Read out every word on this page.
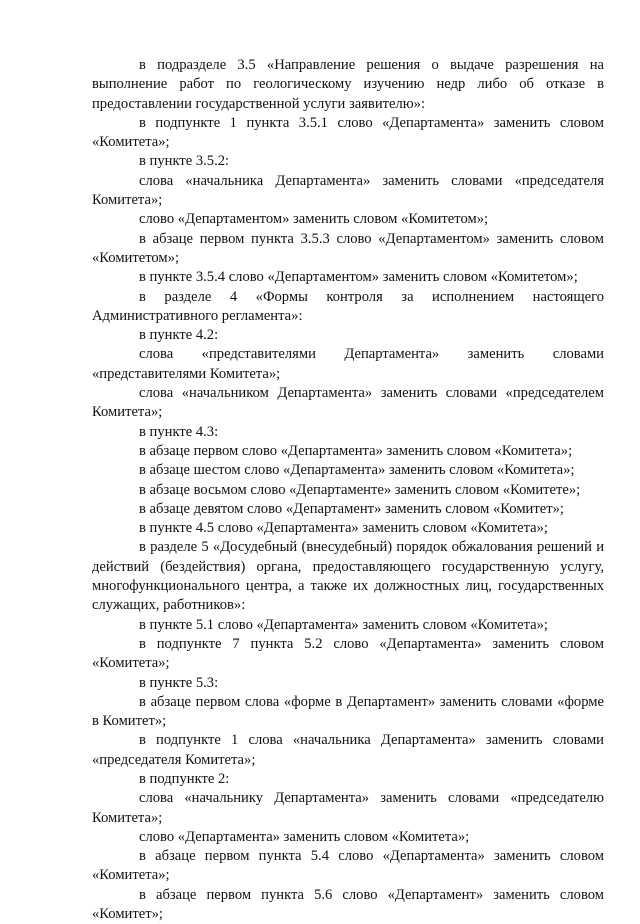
в подразделе 3.5 «Направление решения о выдаче разрешения на выполнение работ по геологическому изучению недр либо об отказе в предоставлении государственной услуги заявителю»:

в подпункте 1 пункта 3.5.1 слово «Департамента» заменить словом «Комитета»;

в пункте 3.5.2:

слова «начальника Департамента» заменить словами «председателя Комитета»;

слово «Департаментом» заменить словом «Комитетом»;

в абзаце первом пункта 3.5.3 слово «Департаментом» заменить словом «Комитетом»;

в пункте 3.5.4 слово «Департаментом» заменить словом «Комитетом»;

в разделе 4 «Формы контроля за исполнением настоящего Административного регламента»:

в пункте 4.2:

слова «представителями Департамента» заменить словами «представителями Комитета»;

слова «начальником Департамента» заменить словами «председателем Комитета»;

в пункте 4.3:

в абзаце первом слово «Департамента» заменить словом «Комитета»;

в абзаце шестом слово «Департамента» заменить словом «Комитета»;

в абзаце восьмом слово «Департаменте» заменить словом «Комитете»;

в абзаце девятом слово «Департамент» заменить словом «Комитет»;

в пункте 4.5 слово «Департамента» заменить словом «Комитета»;

в разделе 5 «Досудебный (внесудебный) порядок обжалования решений и действий (бездействия) органа, предоставляющего государственную услугу, многофункционального центра, а также их должностных лиц, государственных служащих, работников»:

в пункте 5.1 слово «Департамента» заменить словом «Комитета»;

в подпункте 7 пункта 5.2 слово «Департамента» заменить словом «Комитета»;

в пункте 5.3:

в абзаце первом слова «форме в Департамент» заменить словами «форме в Комитет»;

в подпункте 1 слова «начальника Департамента» заменить словами «председателя Комитета»;

в подпункте 2:

слова «начальнику Департамента» заменить словами «председателю Комитета»;

слово «Департамента» заменить словом «Комитета»;

в абзаце первом пункта 5.4 слово «Департамента» заменить словом «Комитета»;

в абзаце первом пункта 5.6 слово «Департамент» заменить словом «Комитет»;
